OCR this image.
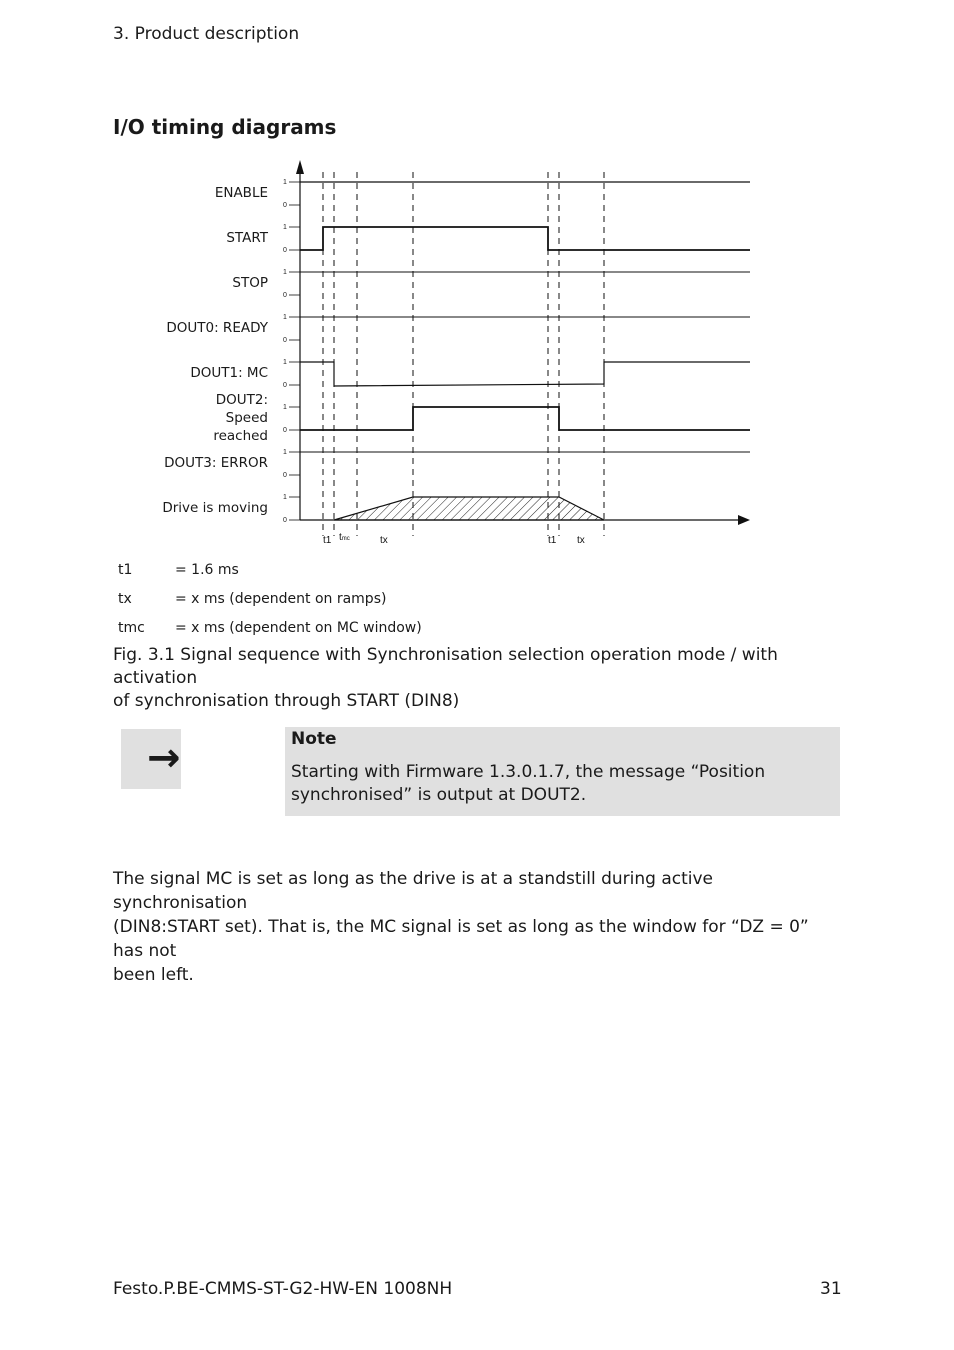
3. Product description
I/O timing diagrams
ENABLE
START
STOP
DOUT0: READY
DOUT1: MC
DOUT2:
Speed
reached
DOUT3: ERROR
Drive is moving
1
0
1
0
1
0
1
0
1
0
1
0
1
0
1
0
t1 tmc	tx	t1 tx
t1	= 1.6 ms
tx	= x ms (dependent on ramps)
tmc = x ms (dependent on MC window)
Fig. 3.1 Signal sequence with Synchronisation selection operation mode / with activation
of synchronisation through START (DIN8)
→	Note
Starting with Firmware 1.3.0.1.7, the message “Position
synchronised” is output at DOUT2.
The signal MC is set as long as the drive is at a standstill during active synchronisation
(DIN8:START set). That is, the MC signal is set as long as the window for “DZ = 0” has not
been left.
Festo.P.BE-CMMS-ST-G2-HW-EN 1008NH	31
